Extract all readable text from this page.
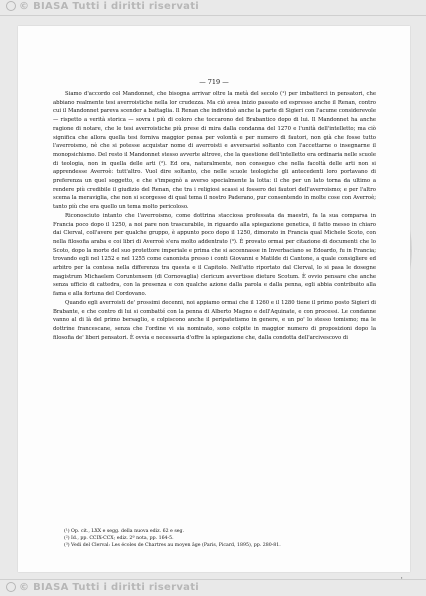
© BIASA Tutti i diritti riservati
— 719 —

Siamo d'accordo col Mandonnet, che bisogna arrivar oltre la metà del secolo (¹) per imbatterci in pensatori, che abbiano realmente tesi averroistiche nella lor crudezza. Ma ciò avea inizio passato ed espresso anche il Renan, contro cui il Mandonnet pareva scender a battaglia. Il Renan che individuò anche la parte di Sigieri con l'acume considerevole — rispetto a verità storica — sovra i più di coloro che toccarono del Brabantico dopo di lui. Il Mandonnet ha anche ragione di notare, che le tesi averroistiche più prese di mira dalla condanna del 1270 e l'unità dell'intelletto; ma ciò significa che allora quella tesi forniva maggior pensa per volontà e per numero di fautori, non già che fosse tutto l'averroismo, nè che si potesse acquistar nome di averroisti e avversarisi soltanto con l'accettarne o insegnarne il monopsichismo. Del resto il Mandonnet stesso avverte altrove, che la questione dell'intelletto era ordinaria nelle scuole di teologia, non in quella delle arti (²). Ed ora, naturalmente, non conseguo che nella facoltà delle arti non si apprendesse Averroè: tutt'altro. Vuol dire soltanto, che nelle scuole teologiche gli antecedenti loro portavano di preferenza un quel soggetto, e che s'impegnò a averso specialmente la lotta: il che per un lato torna da ultimo a rendere più credibile il giudizio del Renan, che tra i religiosi scassi si fossero dei fautori dell'averroismo; e per l'altro scema la meraviglia, che non si scorgesse di qual tema il nostro Paderano, pur consentendo in molte cose con Averroè; tanto più che era quello un tema molto pericoloso.

Riconosciuto intanto che l'averroismo, come dottrina stacciosa professata da maestri, fa la sua comparsa in Francia poco dopo il 1250, a noi pare non trascurabile, in riguardo alla spiegazione genetica, il fatto messo in chiaro dai Clerval, coll'avere per qualche gruppo, è appunto poco dopo il 1250, dimorato in Francia qual Michele Scoto, con nella filosofia araba e coi libri di Averroè s'era molto addentrato (³). È provato ormai per citazione di documenti che lo Scoto, dopo la morte del suo protettore imperiale e prima che si accennasse in Inverbaciano se Edoardo, fu in Francia; trovando egli nel 1252 e nel 1255 come canonista presso i conti Giovanni e Matilde di Cantone, a quale consigliere ed arbitro per la contesa nella differenza tra questa e il Capitolo. Nell'atto riportato dal Clerval, lo si pasa le dosegne magistrum Michaelem Coruntensem (di Cornovaglia) clericum avvertisse dieture Scotum. È ovvio pensare che anche senza ufficio di cattedra, con la presenza e con qualche azione dalla parola e dalla penna, egli abbia contribuito alla fama e alla fortuna del Cordovano.

Quando egli averroisti de' prossimi decenni, noi appiamo ormai che il 1260 e il 1280 tiene il primo posto Sigieri di Brabante, e che contro di lui si combatté con la penna di Alberto Magno e dell'Aquinate, e con processi. Le condanne vanno al di là del primo bersaglio, e colpiscono anche il peripatetismo in genere, e un po' lo stesso tomismo; ma le dottrine francescane, senza che l'ordine vi sia nominato, sono colpite in maggior numero di proposizioni dopo la filosofia de' liberi pensatori. È ovvia e necessaria d'offre la spiegazione che, dalla condotta dell'arcivescovo di

(¹) Op. cit., LXX e segg. della nuova ediz. 62 e seg.
(²) Id., pp. CCIX-CCX; ediz. 2ª nota, pp. 164-5.
(³) Vedi del Clerval: Les écoles de Chartres au moyen âge (Paris, Picard, 1895), pp. 280-81.
'
© BIASA Tutti i diritti riservati
